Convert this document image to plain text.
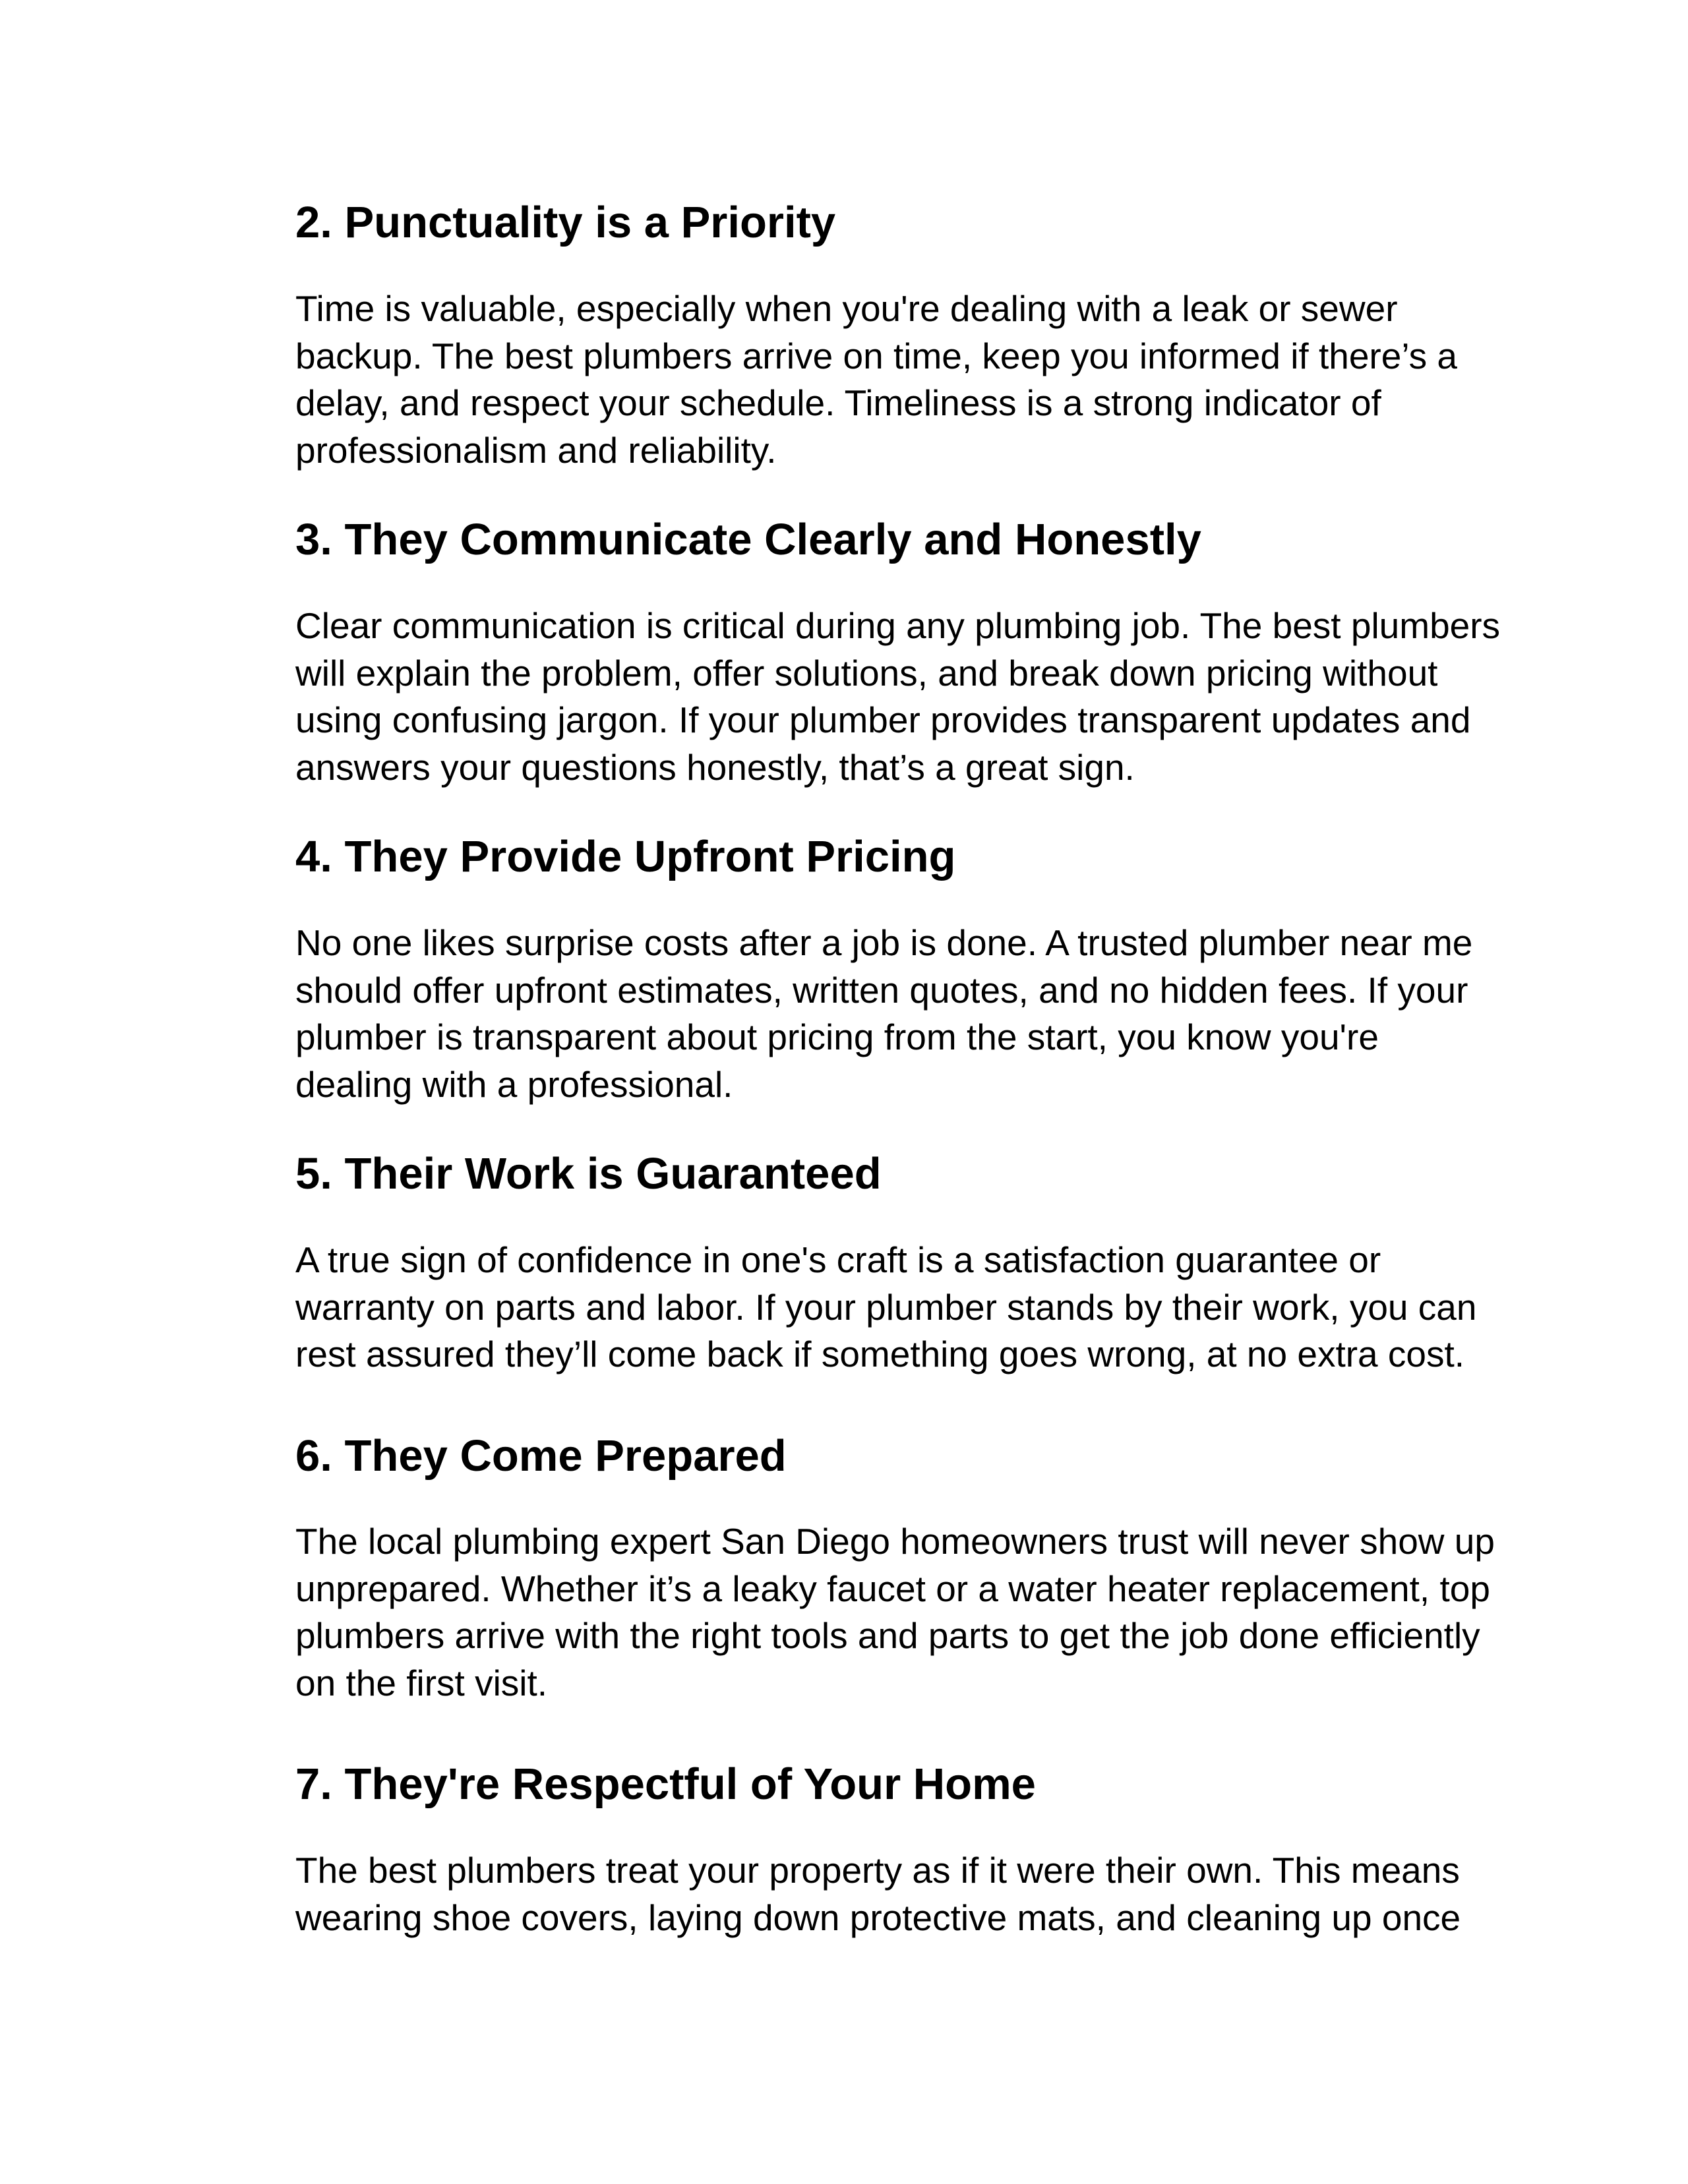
2. Punctuality is a Priority

Time is valuable, especially when you're dealing with a leak or sewer
backup. The best plumbers arrive on time, keep you informed if there’s a
delay, and respect your schedule. Timeliness is a strong indicator of
professionalism and reliability.

3. They Communicate Clearly and Honestly

Clear communication is critical during any plumbing job. The best plumbers
will explain the problem, offer solutions, and break down pricing without
using confusing jargon. If your plumber provides transparent updates and
answers your questions honestly, that’s a great sign.

4. They Provide Upfront Pricing

No one likes surprise costs after a job is done. A trusted plumber near me
should offer upfront estimates, written quotes, and no hidden fees. If your
plumber is transparent about pricing from the start, you know you're
dealing with a professional.

5. Their Work is Guaranteed

A true sign of confidence in one's craft is a satisfaction guarantee or
warranty on parts and labor. If your plumber stands by their work, you can
rest assured they’ll come back if something goes wrong, at no extra cost.

6. They Come Prepared

The local plumbing expert San Diego homeowners trust will never show up
unprepared. Whether it’s a leaky faucet or a water heater replacement, top
plumbers arrive with the right tools and parts to get the job done efficiently
on the first visit.

7. They're Respectful of Your Home

The best plumbers treat your property as if it were their own. This means
wearing shoe covers, laying down protective mats, and cleaning up once
